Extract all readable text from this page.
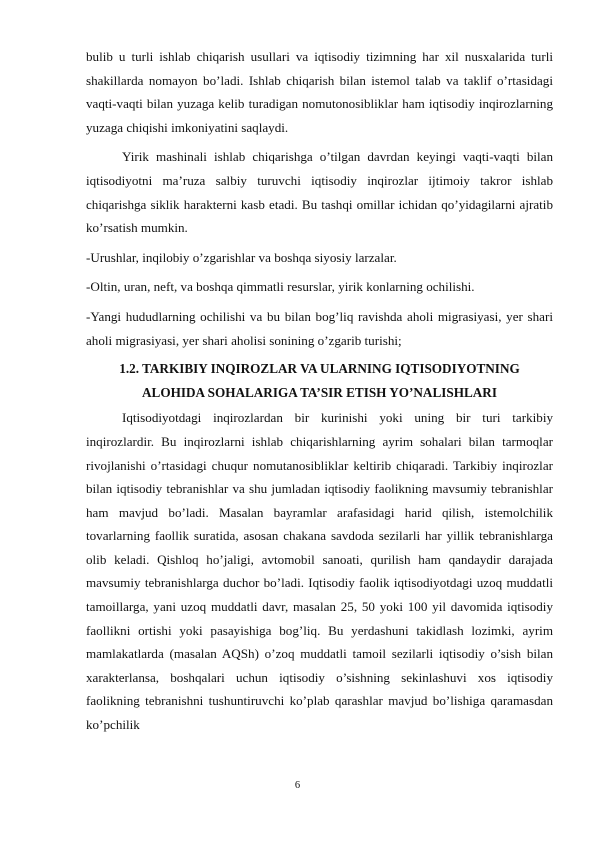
bulib u turli ishlab chiqarish usullari va iqtisodiy tizimning har xil nusxalarida turli shakillarda nomayon bo’ladi. Ishlab chiqarish bilan istemol talab va taklif o’rtasidagi vaqti-vaqti bilan yuzaga kelib turadigan nomutonosibliklar ham iqtisodiy inqirozlarning yuzaga chiqishi imkoniyatini saqlaydi.

Yirik mashinali ishlab chiqarishga o’tilgan davrdan keyingi vaqti-vaqti bilan iqtisodiyotni ma’ruza salbiy turuvchi iqtisodiy inqirozlar ijtimoiy takror ishlab chiqarishga siklik harakterni kasb etadi. Bu tashqi omillar ichidan qo’yidagilarni ajratib ko’rsatish mumkin.

-Urushlar, inqilobiy o’zgarishlar va boshqa siyosiy larzalar.

-Oltin, uran, neft, va boshqa qimmatli resurslar, yirik konlarning ochilishi.

-Yangi hududlarning ochilishi va bu bilan bog’liq ravishda aholi migrasiyasi, yer shari aholi migrasiyasi, yer shari aholisi sonining o’zgarib turishi;

1.2. TARKIBIY INQIROZLAR VA ULARNING IQTISODIYOTNING
ALOHIDA SOHALARIGA TA’SIR ETISH YO’NALISHLARI

Iqtisodiyotdagi inqirozlardan bir kurinishi yoki uning bir turi tarkibiy inqirozlardir. Bu inqirozlarni ishlab chiqarishlarning ayrim sohalari bilan tarmoqlar rivojlanishi o’rtasidagi chuqur nomutanosibliklar keltirib chiqaradi. Tarkibiy inqirozlar bilan iqtisodiy tebranishlar va shu jumladan iqtisodiy faolikning mavsumiy tebranishlar ham mavjud bo’ladi. Masalan bayramlar arafasidagi harid qilish, istemolchilik tovarlarning faollik suratida, asosan chakana savdoda sezilarli har yillik tebranishlarga olib keladi. Qishloq ho’jaligi, avtomobil sanoati, qurilish ham qandaydir darajada mavsumiy tebranishlarga duchor bo’ladi. Iqtisodiy faolik iqtisodiyotdagi uzoq muddatli tamoillarga, yani uzoq muddatli davr, masalan 25, 50 yoki 100 yil davomida iqtisodiy faollikni ortishi yoki pasayishiga bog’liq. Bu yerdashuni takidlash lozimki, ayrim mamlakatlarda (masalan AQSh) o’zoq muddatli tamoil sezilarli iqtisodiy o’sish bilan xarakterlansa, boshqalari uchun iqtisodiy o’sishning sekinlashuvi xos iqtisodiy faolikning tebranishni tushuntiruvchi ko’plab qarashlar mavjud bo’lishiga qaramasdan ko’pchilik

6
